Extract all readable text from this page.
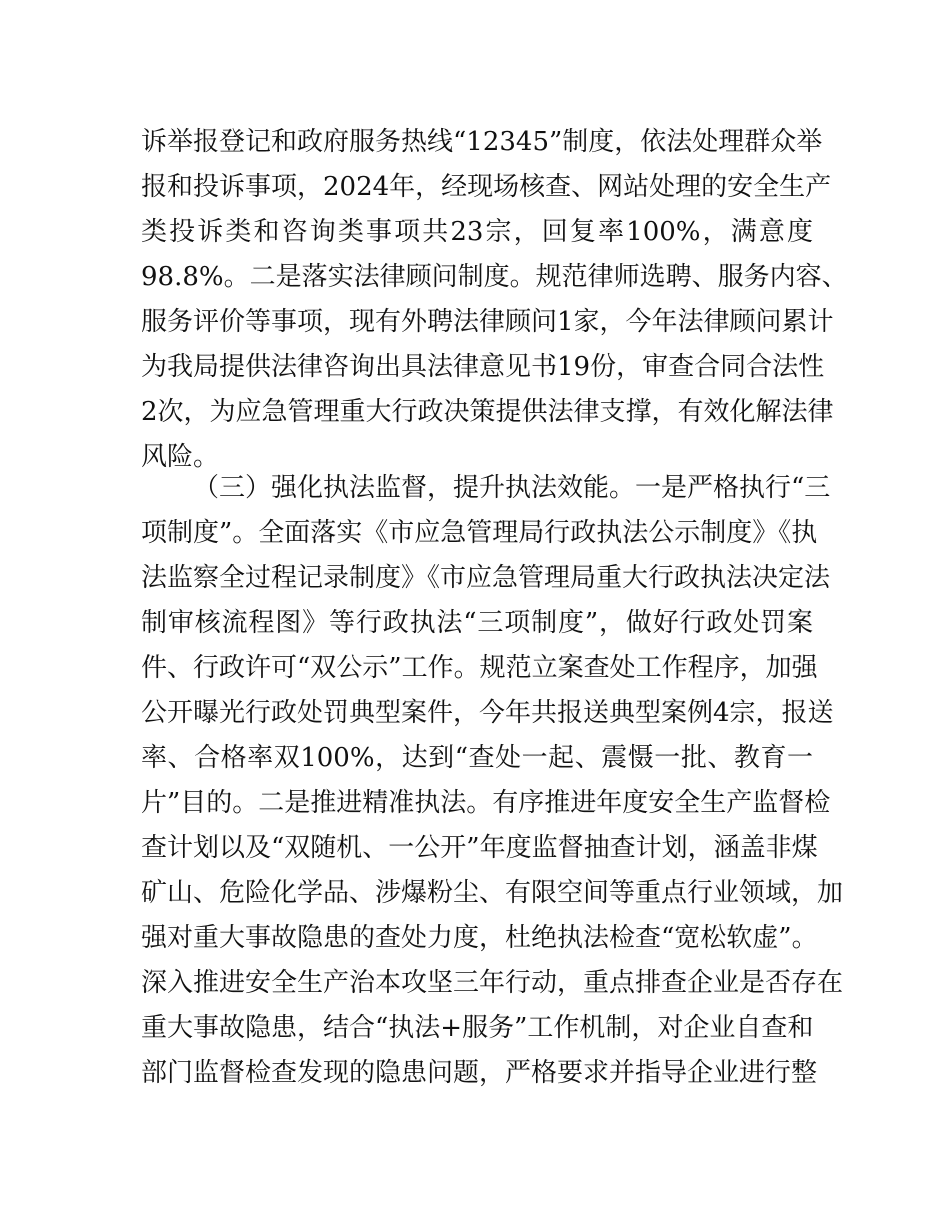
诉举报登记和政府服务热线“12345”制度，依法处理群众举
报和投诉事项，2024年，经现场核查、网站处理的安全生产
类投诉类和咨询类事项共23宗，回复率100%，满意度
98.8%。二是落实法律顾问制度。规范律师选聘、服务内容、
服务评价等事项，现有外聘法律顾问1家，今年法律顾问累计
为我局提供法律咨询出具法律意见书19份，审查合同合法性
2次，为应急管理重大行政决策提供法律支撑，有效化解法律
风险。
（三）强化执法监督，提升执法效能。一是严格执行“三
项制度”。全面落实《市应急管理局行政执法公示制度》《执
法监察全过程记录制度》《市应急管理局重大行政执法决定法
制审核流程图》等行政执法“三项制度”，做好行政处罚案
件、行政许可“双公示”工作。规范立案查处工作程序，加强
公开曝光行政处罚典型案件，今年共报送典型案例4宗，报送
率、合格率双100%，达到“查处一起、震慑一批、教育一
片”目的。二是推进精准执法。有序推进年度安全生产监督检
查计划以及“双随机、一公开”年度监督抽查计划，涵盖非煤
矿山、危险化学品、涉爆粉尘、有限空间等重点行业领域，加
强对重大事故隐患的查处力度，杜绝执法检查“宽松软虚”。
深入推进安全生产治本攻坚三年行动，重点排查企业是否存在
重大事故隐患，结合“执法+服务”工作机制，对企业自查和
部门监督检查发现的隐患问题，严格要求并指导企业进行整
